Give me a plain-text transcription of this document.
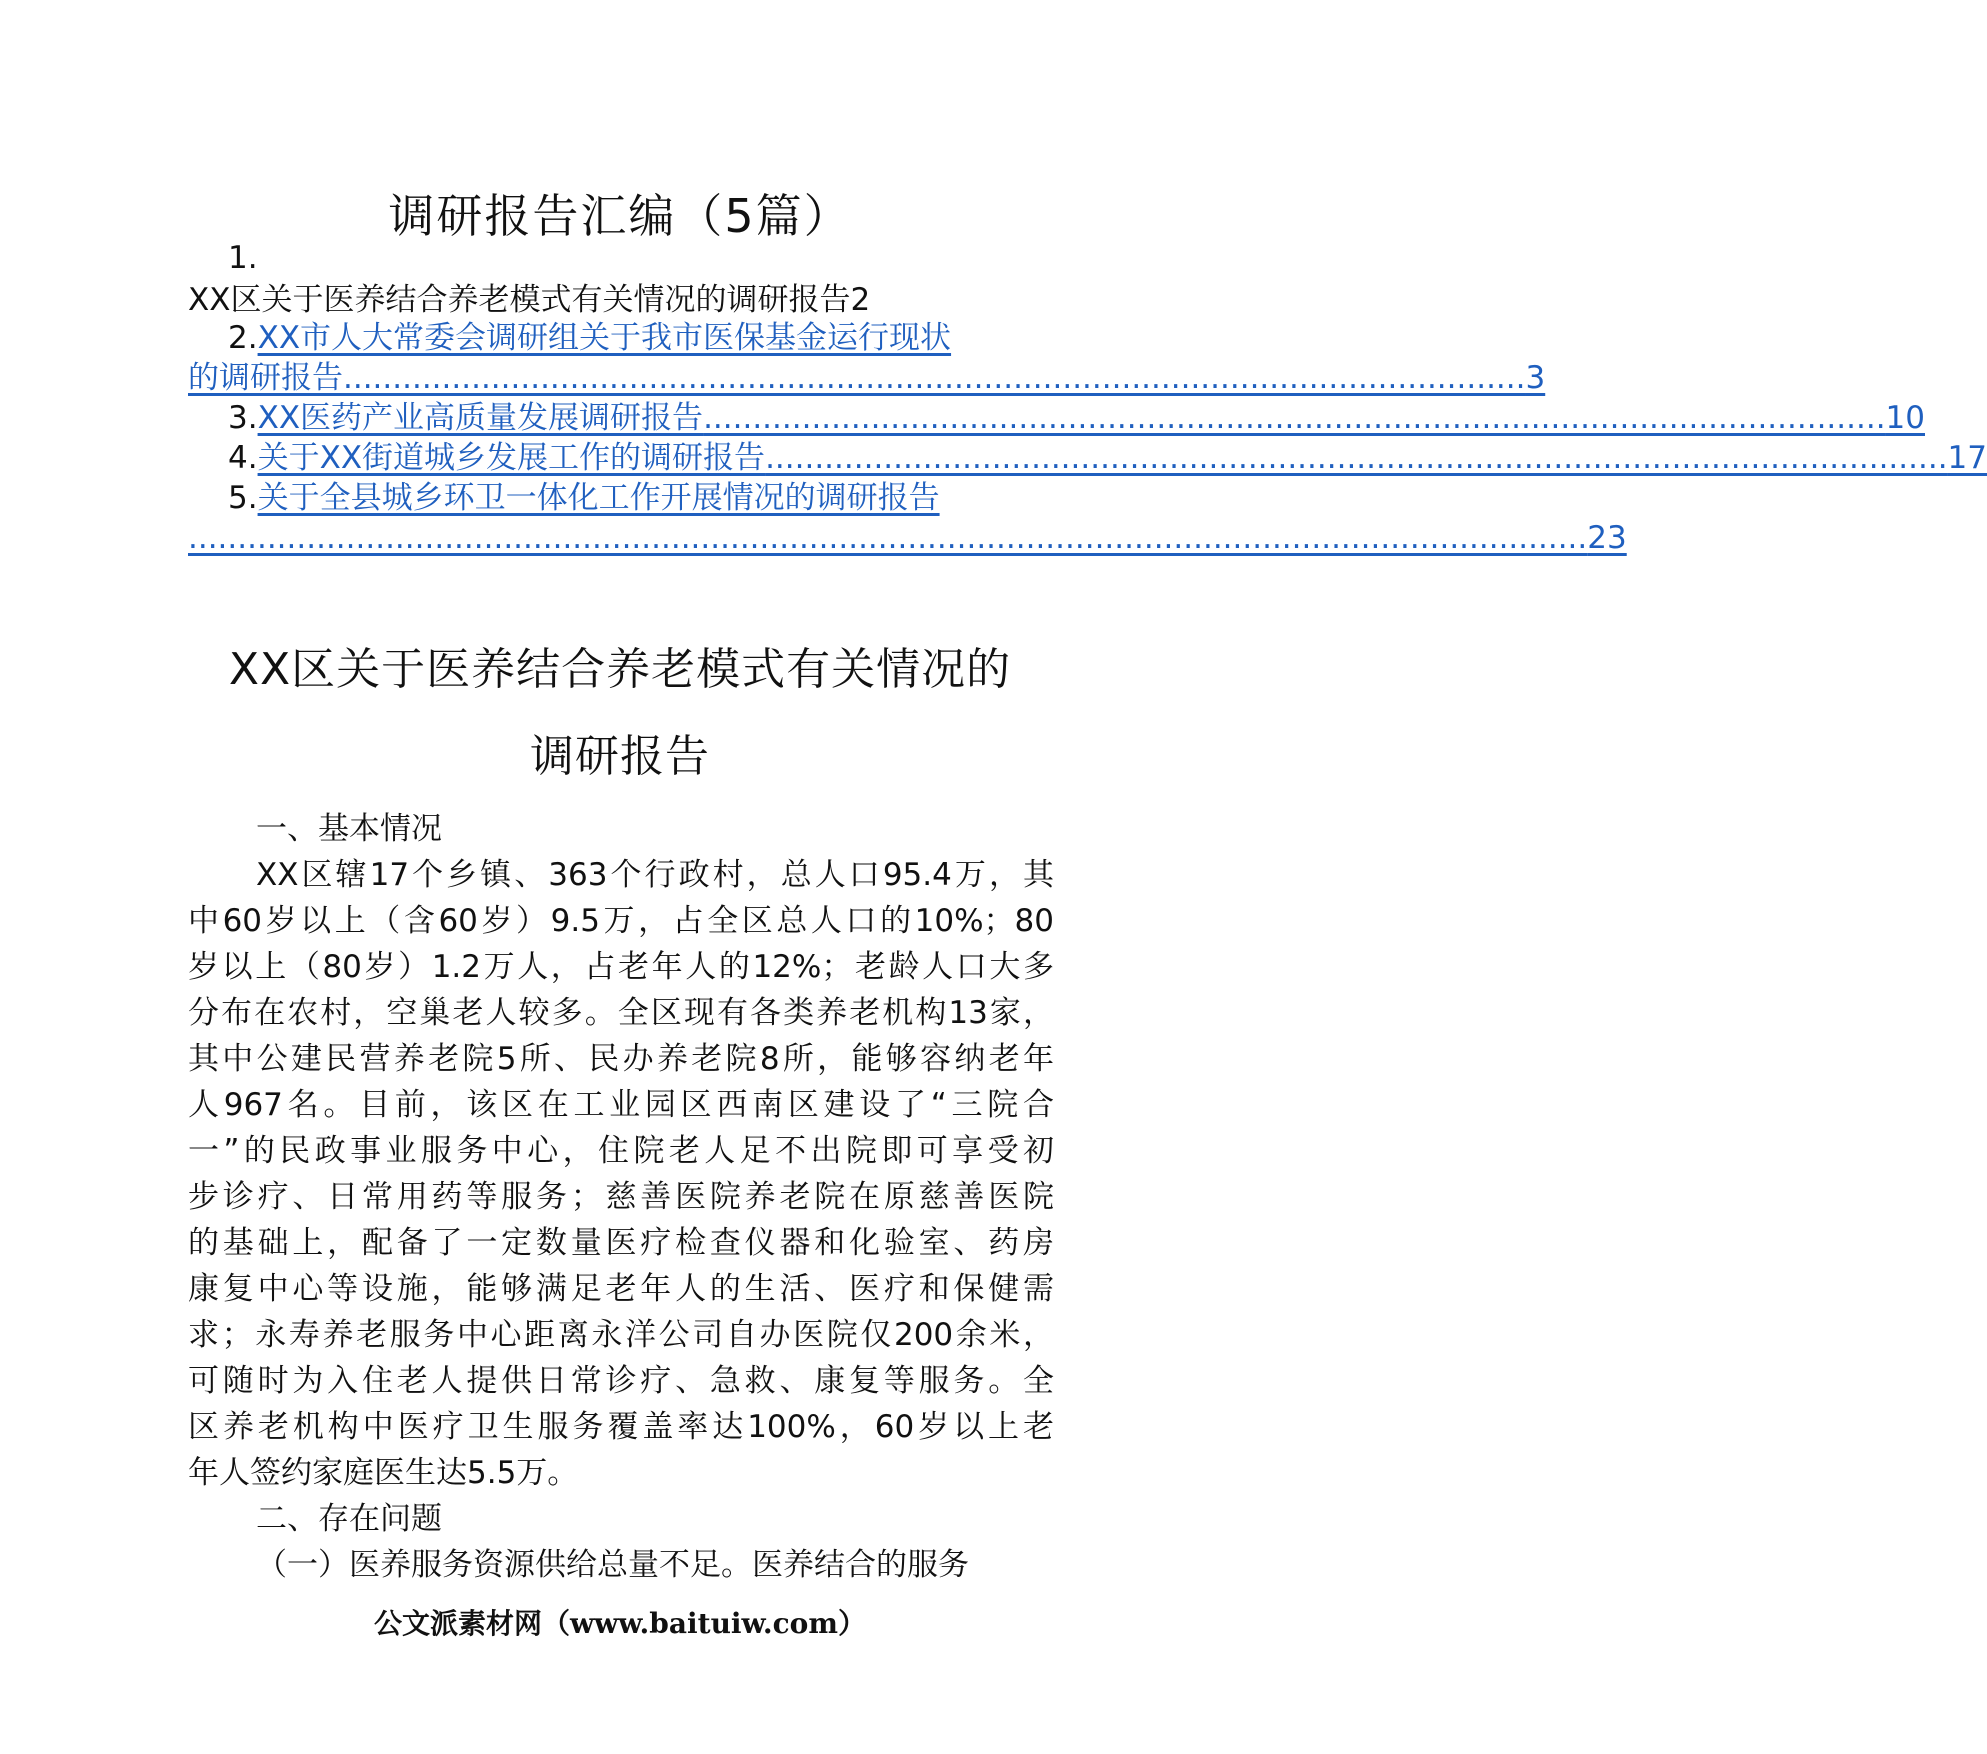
调研报告汇编（5篇）
1.
XX区关于医养结合养老模式有关情况的调研报告2
2.XX市人大常委会调研组关于我市医保基金运行现状
的调研报告 ........................................................................................................................ 3
3. XX医药产业高质量发展调研报告 ........................................................................................................................ 10
4. 关于XX街道城乡发展工作的调研报告 ........................................................................................................................ 17
5.关于全县城乡环卫一体化工作开展情况的调研报告
.............................................................................................................................................. 23
XX区关于医养结合养老模式有关情况的
调研报告
一、基本情况
XX区辖17个乡镇、363个行政村，总人口95.4万，其
中60岁以上（含60岁）9.5万，占全区总人口的10%；80
岁以上（80岁）1.2万人，占老年人的12%；老龄人口大多
分布在农村，空巢老人较多。全区现有各类养老机构13家，
其中公建民营养老院5所、民办养老院8所，能够容纳老年
人967名。目前，该区在工业园区西南区建设了“三院合
一”的民政事业服务中心，住院老人足不出院即可享受初
步诊疗、日常用药等服务；慈善医院养老院在原慈善医院
的基础上，配备了一定数量医疗检查仪器和化验室、药房
康复中心等设施，能够满足老年人的生活、医疗和保健需
求；永寿养老服务中心距离永洋公司自办医院仅200余米，
可随时为入住老人提供日常诊疗、急救、康复等服务。全
区养老机构中医疗卫生服务覆盖率达100%，60岁以上老
年人签约家庭医生达5.5万。
二、存在问题
（一）医养服务资源供给总量不足。医养结合的服务
公文派素材网（www.baituiw.com）
